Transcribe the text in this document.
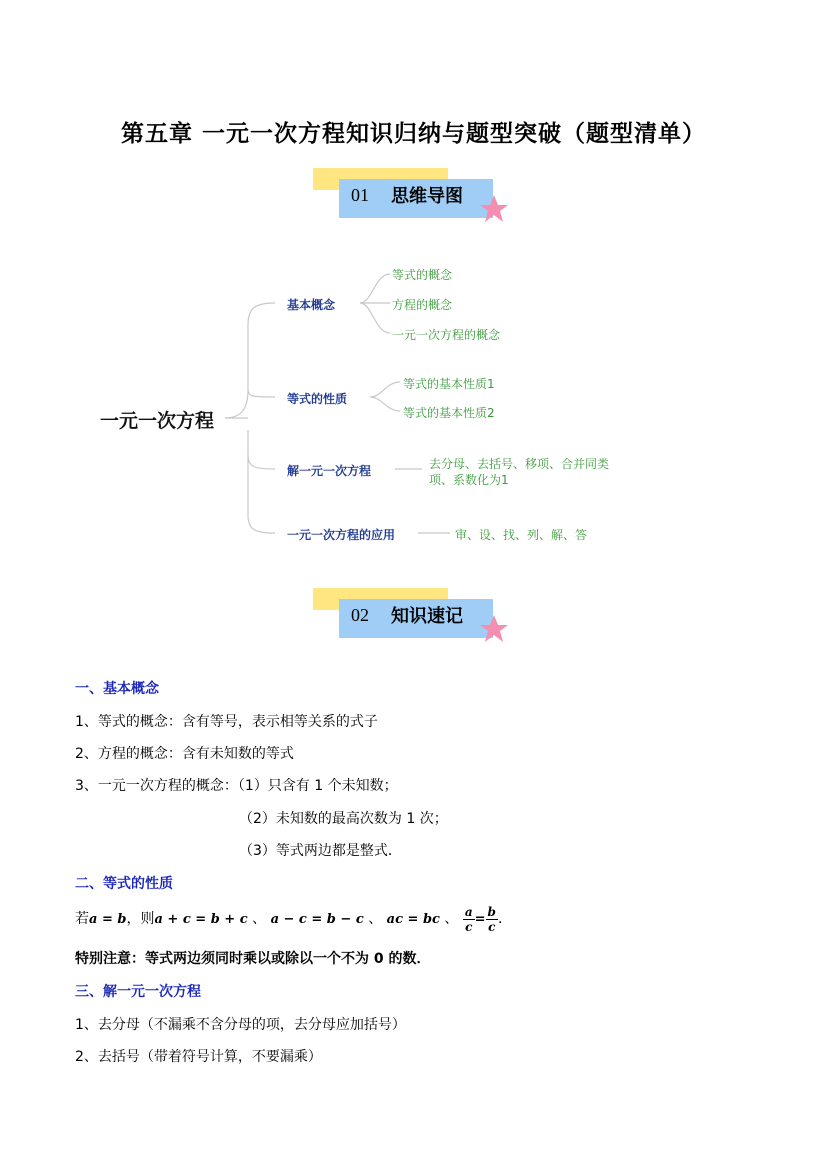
第五章 一元一次方程知识归纳与题型突破（题型清单）
01 思维导图
一元一次方程
基本概念
等式的概念
方程的概念
一元一次方程的概念
等式的性质
等式的基本性质1
等式的基本性质2
解一元一次方程	去分母、去括号、移项、合并同类
项、系数化为1
一元一次方程的应用	审、设、找、列、解、答
02 知识速记
一、基本概念
1、等式的概念：含有等号，表示相等关系的式子
2、方程的概念：含有未知数的等式
3、一元一次方程的概念：（1）只含有 1 个未知数；
（2）未知数的最高次数为 1 次；
（3）等式两边都是整式．
二、等式的性质
若a = b，则a + c = b + c 、 a − c = b − c 、 ac = bc 、 $\frac{a}{c} = \frac{b}{c}$ ．
特别注意：等式两边须同时乘以或除以一个不为 0 的数．
三、解一元一次方程
1、去分母（不漏乘不含分母的项，去分母应加括号）
2、去括号（带着符号计算，不要漏乘）
